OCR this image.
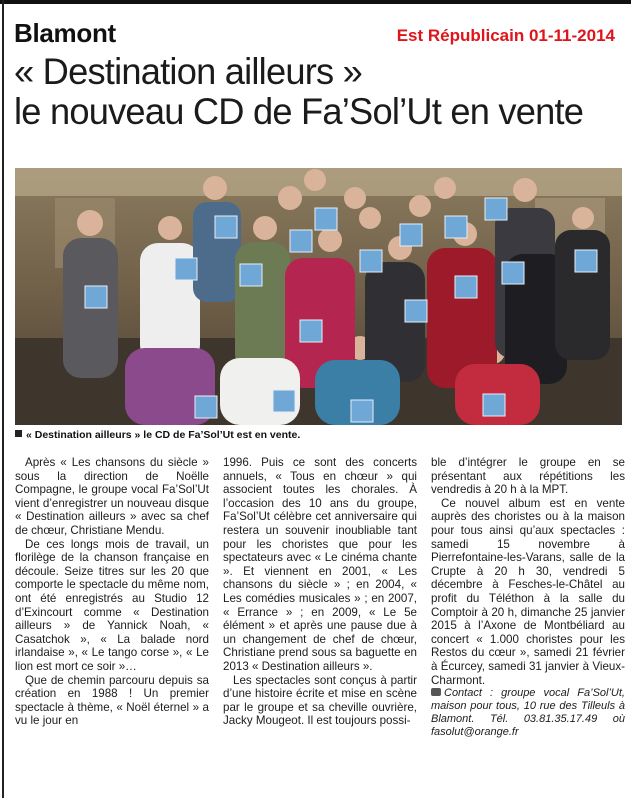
Blamont	Est Républicain 01-11-2014
« Destination ailleurs »
le nouveau CD de Fa’Sol’Ut en vente
« Destination ailleurs » le CD de Fa’Sol’Ut est en vente.

Après « Les chansons du siècle » sous la direction de Noëlle Compagne, le groupe vocal Fa’Sol’Ut vient d’enregistrer un nouveau disque « Destination ailleurs » avec sa chef de chœur, Christiane Mendu.

De ces longs mois de travail, un florilège de la chanson française en découle. Seize titres sur les 20 que comporte le spectacle du même nom, ont été enregistrés au Studio 12 d’Exincourt comme « Destination ailleurs » de Yannick Noah, « Casatchok », « La balade nord irlandaise », « Le tango corse », « Le lion est mort ce soir »…

Que de chemin parcouru depuis sa création en 1988 ! Un premier spectacle à thème, « Noël éternel » a vu le jour en

1996. Puis ce sont des concerts annuels, « Tous en chœur » qui associent toutes les chorales. À l’occasion des 10 ans du groupe, Fa’Sol’Ut célèbre cet anniversaire qui restera un souvenir inoubliable tant pour les choristes que pour les spectateurs avec « Le cinéma chante ». Et viennent en 2001, « Les chansons du siècle » ; en 2004, « Les comédies musicales » ; en 2007, « Errance » ; en 2009, « Le 5e élément » et après une pause due à un changement de chef de chœur, Christiane prend sous sa baguette en 2013 « Destination ailleurs ».

Les spectacles sont conçus à partir d’une histoire écrite et mise en scène par le groupe et sa cheville ouvrière, Jacky Mougeot. Il est toujours possi-

ble d’intégrer le groupe en se présentant aux répétitions les vendredis à 20 h à la MPT.

Ce nouvel album est en vente auprès des choristes ou à la maison pour tous ainsi qu’aux spectacles : samedi 15 novembre à Pierrefontaine-les-Varans, salle de la Crupte à 20 h 30, vendredi 5 décembre à Fesches-le-Châtel au profit du Téléthon à la salle du Comptoir à 20 h, dimanche 25 janvier 2015 à l’Axone de Montbéliard au concert « 1.000 choristes pour les Restos du cœur », samedi 21 février à Écurcey, samedi 31 janvier à Vieux-Charmont.

Contact : groupe vocal Fa’Sol’Ut, maison pour tous, 10 rue des Tilleuls à Blamont. Tél. 03.81.35.17.49 où fasolut@orange.fr
